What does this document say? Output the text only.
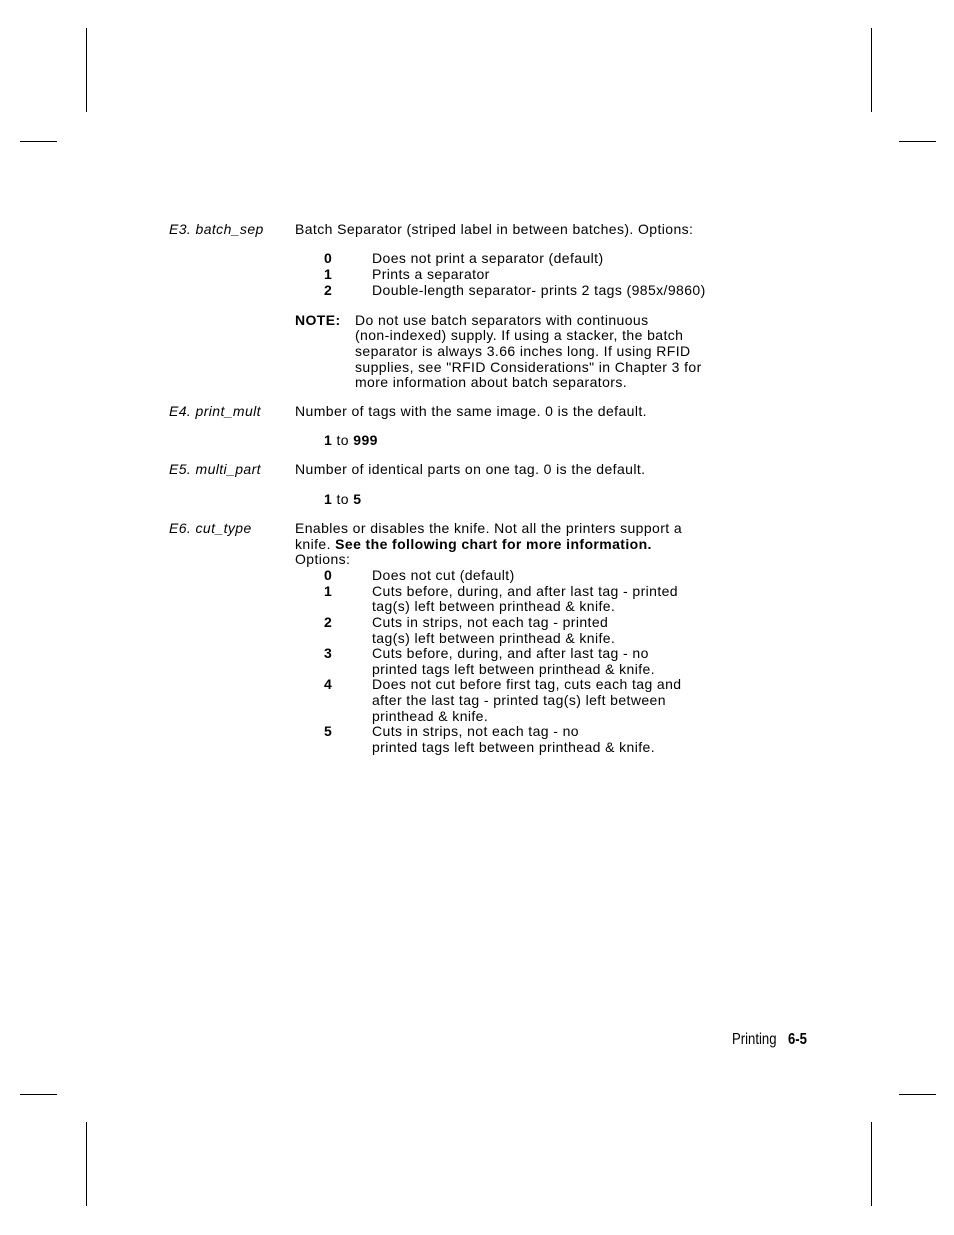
E3. batch_sep Batch Separator (striped label in between batches). Options:
0	Does not print a separator (default)
1	Prints a separator
2	Double-length separator- prints 2 tags (985x/9860)
NOTE: Do not use batch separators with continuous
(non-indexed) supply. If using a stacker, the batch
separator is always 3.66 inches long. If using RFID
supplies, see "RFID Considerations" in Chapter 3 for
more information about batch separators.
E4. print_mult Number of tags with the same image. 0 is the default.
1 to 999
E5. multi_part Number of identical parts on one tag. 0 is the default.
1 to 5
E6. cut_type	Enables or disables the knife. Not all the printers support a
knife. See the following chart for more information.
Options:
0	Does not cut (default)
1	Cuts before, during, and after last tag - printed
tag(s) left between printhead & knife.
2	Cuts in strips, not each tag - printed
tag(s) left between printhead & knife.
3	Cuts before, during, and after last tag - no
printed tags left between printhead & knife.
4	Does not cut before first tag, cuts each tag and
after the last tag - printed tag(s) left between
printhead & knife.
5	Cuts in strips, not each tag - no
printed tags left between printhead & knife.
Printing 6-5
